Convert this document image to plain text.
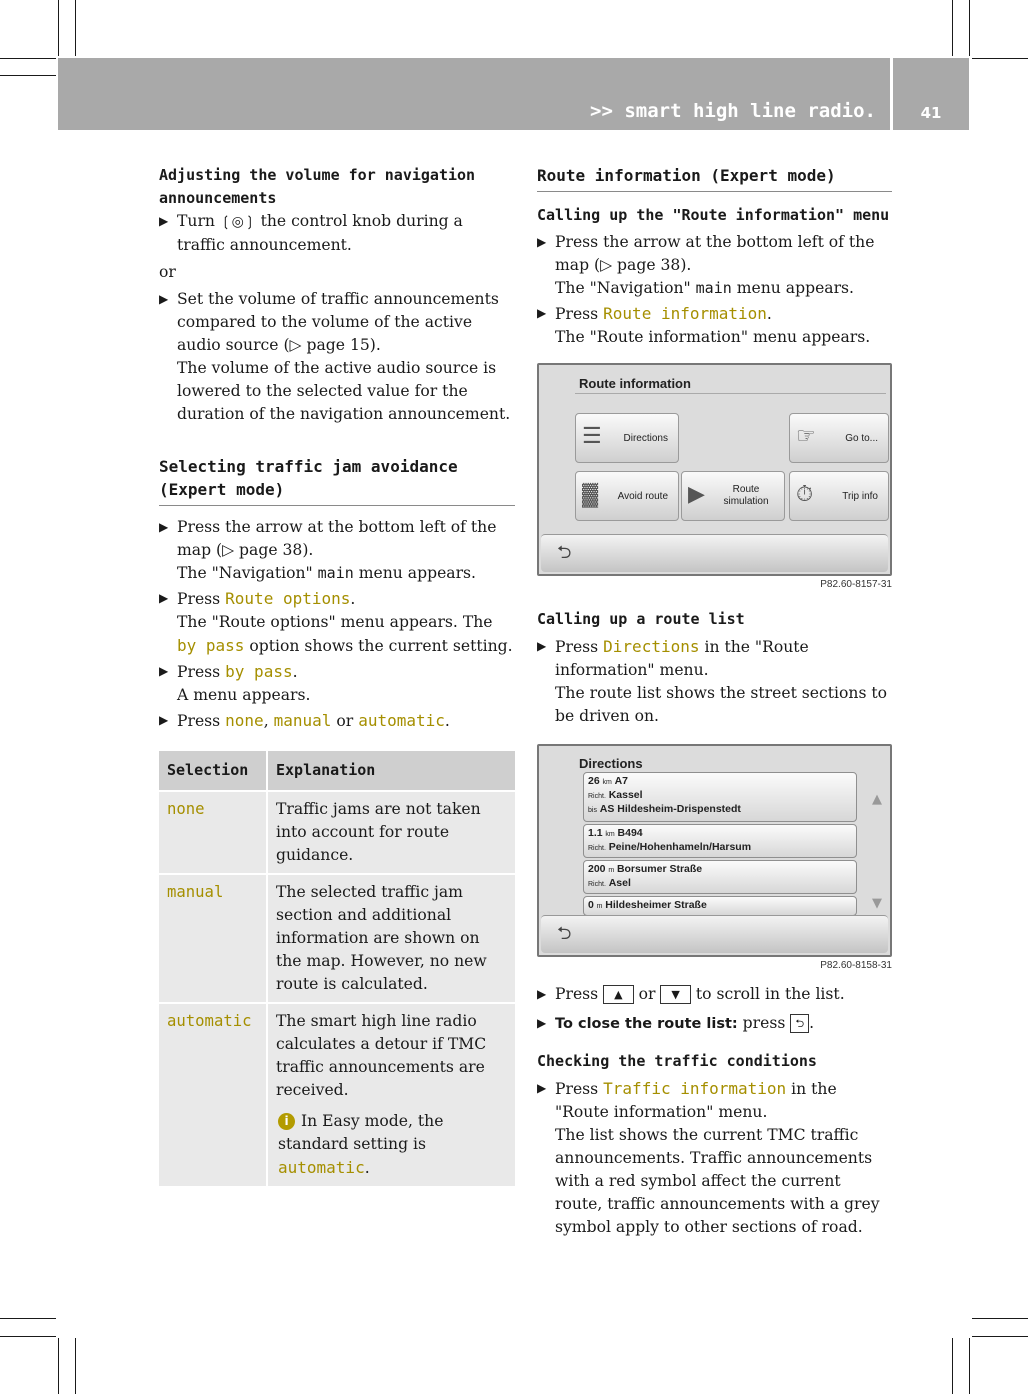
>> smart high line radio.	41
Adjusting the volume for navigation announcements
▶ Turn ❲◎❳ the control knob during a traffic announcement.
or
▶ Set the volume of traffic announcements compared to the volume of the active audio source (▷ page 15).
The volume of the active audio source is lowered to the selected value for the duration of the navigation announcement.
Selecting traffic jam avoidance (Expert mode)
▶ Press the arrow at the bottom left of the map (▷ page 38).
The "Navigation" main menu appears.
▶ Press Route options.
The "Route options" menu appears. The by pass option shows the current setting.
▶ Press by pass.
A menu appears.
▶ Press none, manual or automatic.
Selection	Explanation
none	Traffic jams are not taken into account for route guidance.
manual	The selected traffic jam section and additional information are shown on the map. However, no new route is calculated.
automatic	The smart high line radio calculates a detour if TMC traffic announcements are received.
i In Easy mode, the standard setting is automatic.
Route information (Expert mode)
Calling up the "Route information" menu
▶ Press the arrow at the bottom left of the map (▷ page 38).
The "Navigation" main menu appears.
▶ Press Route information.
The "Route information" menu appears.
Route information
☰ Directions	☞	Go to...
▓ Avoid route ▶	Route simulation ⏱	Trip info
⮌
P82.60-8157-31
Calling up a route list
▶ Press Directions in the "Route information" menu.
The route list shows the street sections to be driven on.
Directions
26 km A7
Richt. Kassel
bis AS Hildesheim-Drispenstedt
1.1 km B494
Richt. Peine/Hohenhameln/Harsum
200 m Borsumer Straße
Richt. Asel
0 m Hildesheimer Straße
▲
▼
⮌
P82.60-8158-31
▶ Press ▲ or ▼ to scroll in the list.
▶ To close the route list: press ⮌ .
Checking the traffic conditions
▶ Press Traffic information in the "Route information" menu.
The list shows the current TMC traffic announcements. Traffic announcements with a red symbol affect the current route, traffic announcements with a grey symbol apply to other sections of road.
